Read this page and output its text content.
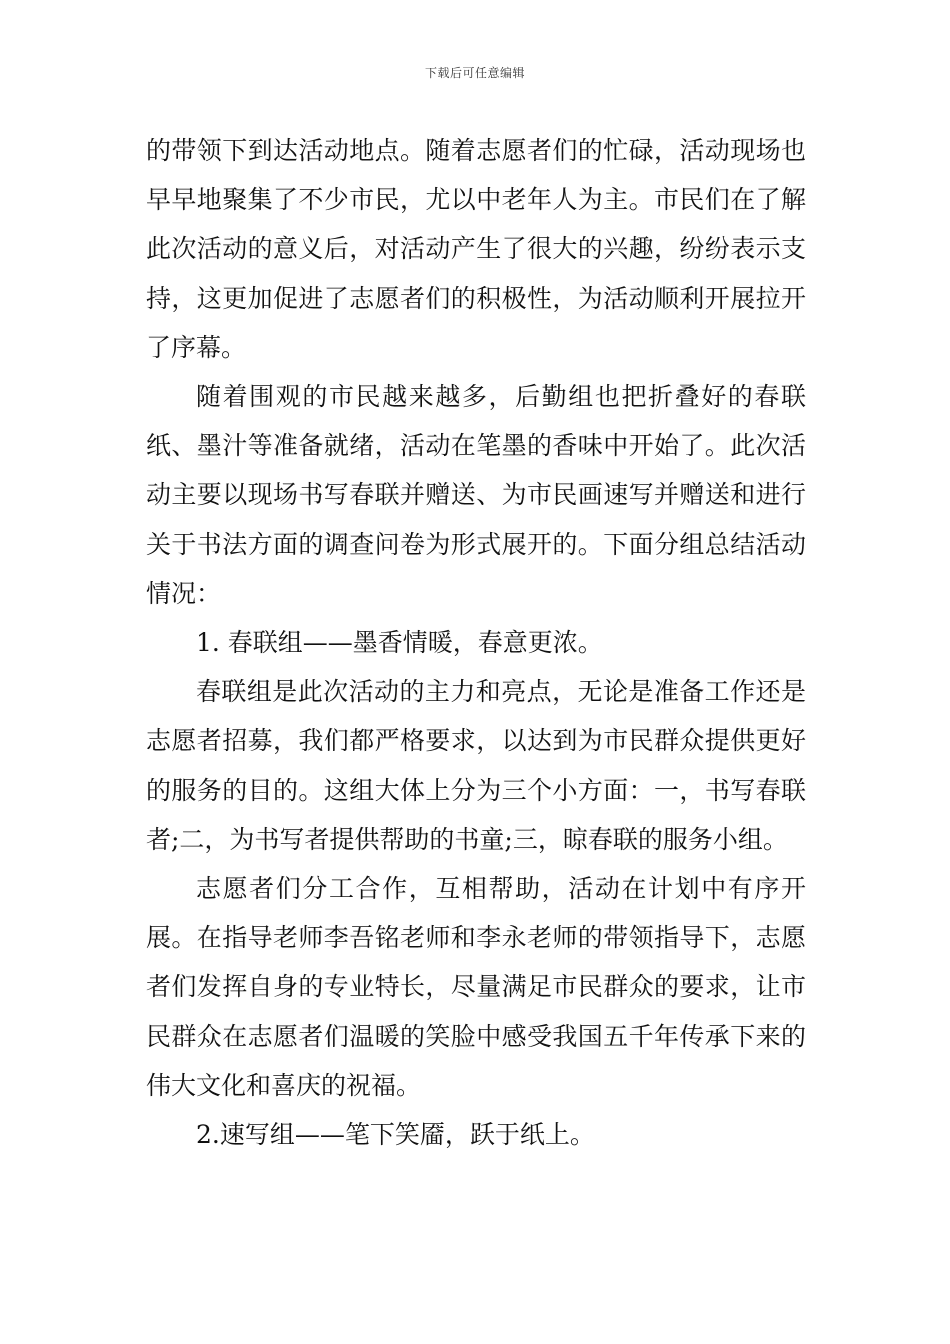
下载后可任意编辑

的带领下到达活动地点。随着志愿者们的忙碌，活动现场也早早地聚集了不少市民，尤以中老年人为主。市民们在了解此次活动的意义后，对活动产生了很大的兴趣，纷纷表示支持，这更加促进了志愿者们的积极性，为活动顺利开展拉开了序幕。

随着围观的市民越来越多，后勤组也把折叠好的春联纸、墨汁等准备就绪，活动在笔墨的香味中开始了。此次活动主要以现场书写春联并赠送、为市民画速写并赠送和进行关于书法方面的调查问卷为形式展开的。下面分组总结活动情况：

1. 春联组——墨香情暖，春意更浓。

春联组是此次活动的主力和亮点，无论是准备工作还是志愿者招募，我们都严格要求，以达到为市民群众提供更好的服务的目的。这组大体上分为三个小方面：一，书写春联者;二，为书写者提供帮助的书童;三，晾春联的服务小组。

志愿者们分工合作，互相帮助，活动在计划中有序开展。在指导老师李吾铭老师和李永老师的带领指导下，志愿者们发挥自身的专业特长，尽量满足市民群众的要求，让市民群众在志愿者们温暖的笑脸中感受我国五千年传承下来的伟大文化和喜庆的祝福。

2.速写组——笔下笑靥，跃于纸上。
